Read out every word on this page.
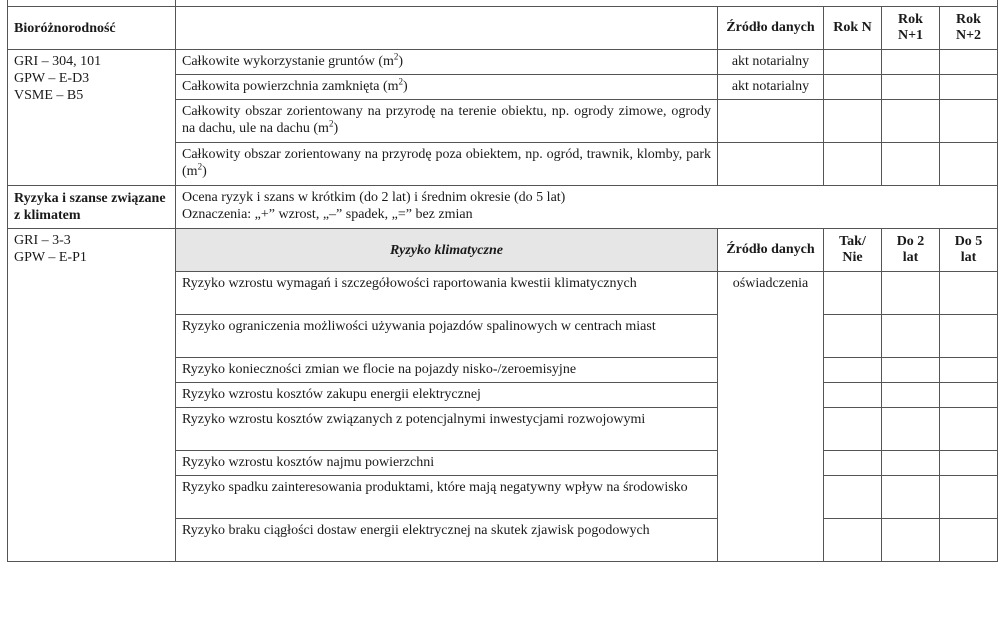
Bioróżnorodność		Źródło danych	Rok N	Rok N+1	Rok N+2

GRI – 304, 101
GPW – E-D3
VSME – B5	Całkowite wykorzystanie gruntów $(m^2)$	akt notarialny			
	Całkowita powierzchnia zamknięta $(m^2)$	akt notarialny			
	Całkowity obszar zorientowany na przyrodę na terenie obiektu, np. ogrody zimowe, ogrody na dachu, ule na dachu $(m^2)$				
	Całkowity obszar zorientowany na przyrodę poza obiektem, np. ogród, trawnik, klomby, park $(m^2)$				
Ryzyka i szanse związane z klimatem	Ocena ryzyk i szans w krótkim (do 2 lat) i średnim okresie (do 5 lat)
Oznaczenia: „+” wzrost, „–” spadek, „=” bez zmian				

GRI – 3-3
GPW – E-P1	Ryzyko klimatyczne	Źródło danych	Tak/ Nie	Do 2 lat	Do 5 lat
	Ryzyko wzrostu wymagań i szczegółowości raportowania kwestii klimatycznych	oświadczenia			
	Ryzyko ograniczenia możliwości używania pojazdów spalinowych w centrach miast				
	Ryzyko konieczności zmian we flocie na pojazdy nisko-/zeroemisyjne				
	Ryzyko wzrostu kosztów zakupu energii elektrycznej				
	Ryzyko wzrostu kosztów związanych z potencjalnymi inwestycjami rozwojowymi				
	Ryzyko wzrostu kosztów najmu powierzchni				
	Ryzyko spadku zainteresowania produktami, które mają negatywny wpływ na środowisko				
	Ryzyko braku ciągłości dostaw energii elektrycznej na skutek zjawisk pogodowych				
